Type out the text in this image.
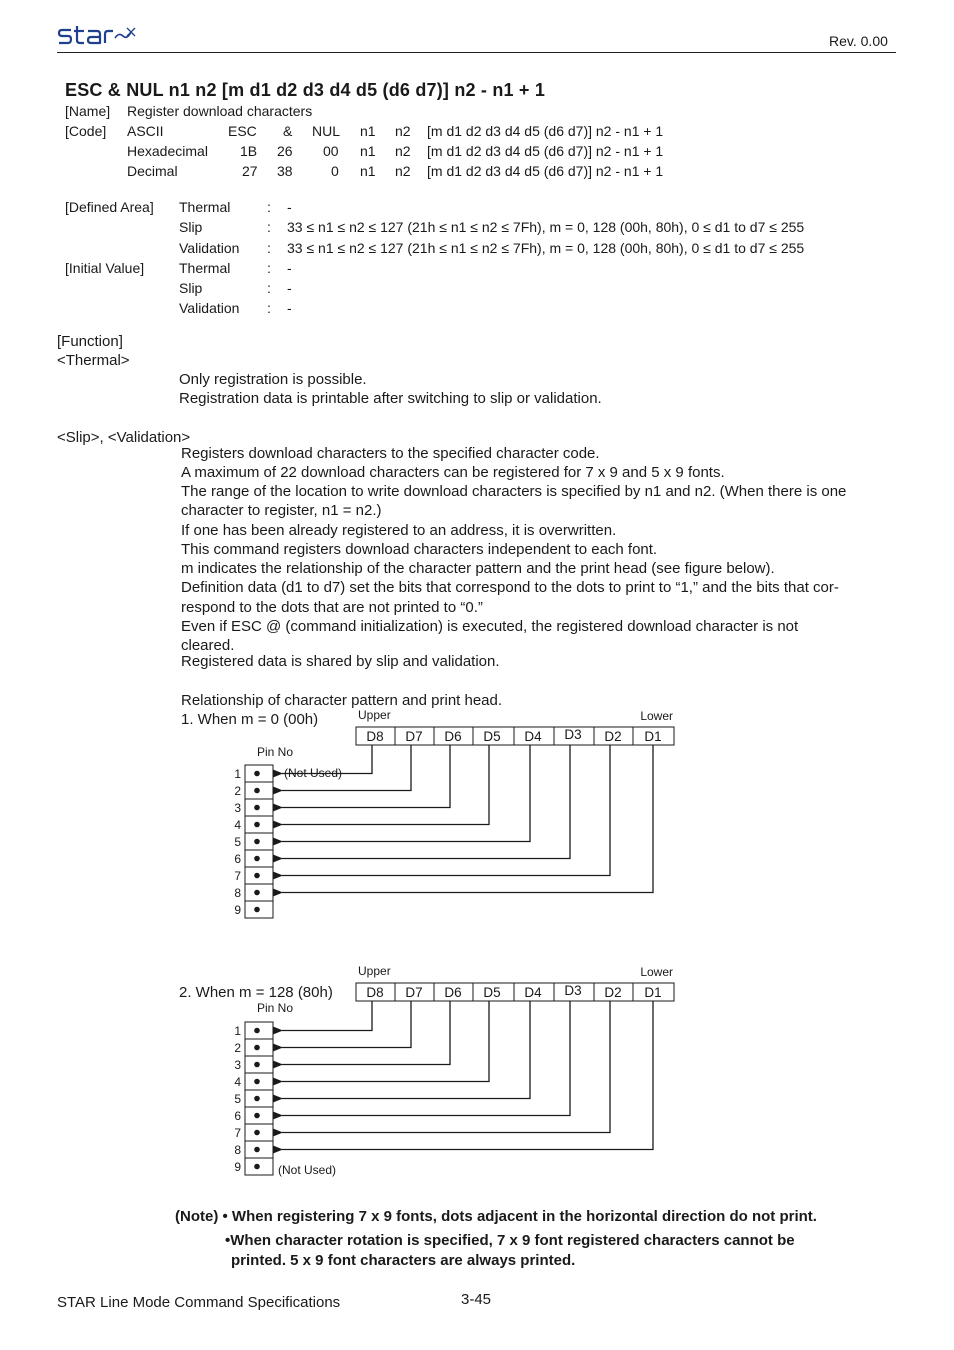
Rev. 0.00
ESC & NUL n1 n2 [m d1 d2 d3 d4 d5 (d6 d7)] n2 - n1 + 1
[Name] Register download characters
[Code] ASCII	ESC & NUL n1 n2 [m d1 d2 d3 d4 d5 (d6 d7)] n2 - n1 + 1
Hexadecimal 1B 26 00 n1 n2 [m d1 d2 d3 d4 d5 (d6 d7)] n2 - n1 + 1
Decimal	27 38	0 n1 n2 [m d1 d2 d3 d4 d5 (d6 d7)] n2 - n1 + 1
[Defined Area] Thermal	: -
Slip	: 33 ≤ n1 ≤ n2 ≤ 127 (21h ≤ n1 ≤ n2 ≤ 7Fh), m = 0, 128 (00h, 80h), 0 ≤ d1 to d7 ≤ 255
Validation : 33 ≤ n1 ≤ n2 ≤ 127 (21h ≤ n1 ≤ n2 ≤ 7Fh), m = 0, 128 (00h, 80h), 0 ≤ d1 to d7 ≤ 255
[Initial Value] Thermal	: -
Slip	: -
Validation : -
[Function]
<Thermal>
Only registration is possible.
Registration data is printable after switching to slip or validation.
<Slip>, <Validation>
Registers download characters to the specified character code.
A maximum of 22 download characters can be registered for 7 x 9 and 5 x 9 fonts.
The range of the location to write download characters is specified by n1 and n2. (When there is one
character to register, n1 = n2.)
If one has been already registered to an address, it is overwritten.
This command registers download characters independent to each font.
m indicates the relationship of the character pattern and the print head (see figure below).
Definition data (d1 to d7) set the bits that correspond to the dots to print to “1,” and the bits that cor-
respond to the dots that are not printed to “0.”
Even if ESC @ (command initialization) is executed, the registered download character is not
cleared.
Registered data is shared by slip and validation.
Relationship of character pattern and print head.
1. When m = 0 (00h)
2. When m = 128 (80h)
Upper	Lower
D8 D7 D6 D5 D4 D3 D2 D1
Pin No
1
2
3
4
5
6
7
8
9
(Not Used)
Upper	Lower
D8 D7 D6 D5 D4 D3 D2 D1
Pin No
1
2
3
4
5
6
7
8
9	(Not Used)
(Note) • When registering 7 x 9 fonts, dots adjacent in the horizontal direction do not print.
•When character rotation is specified, 7 x 9 font registered characters cannot be
printed. 5 x 9 font characters are always printed.
STAR Line Mode Command Specifications	3-45
